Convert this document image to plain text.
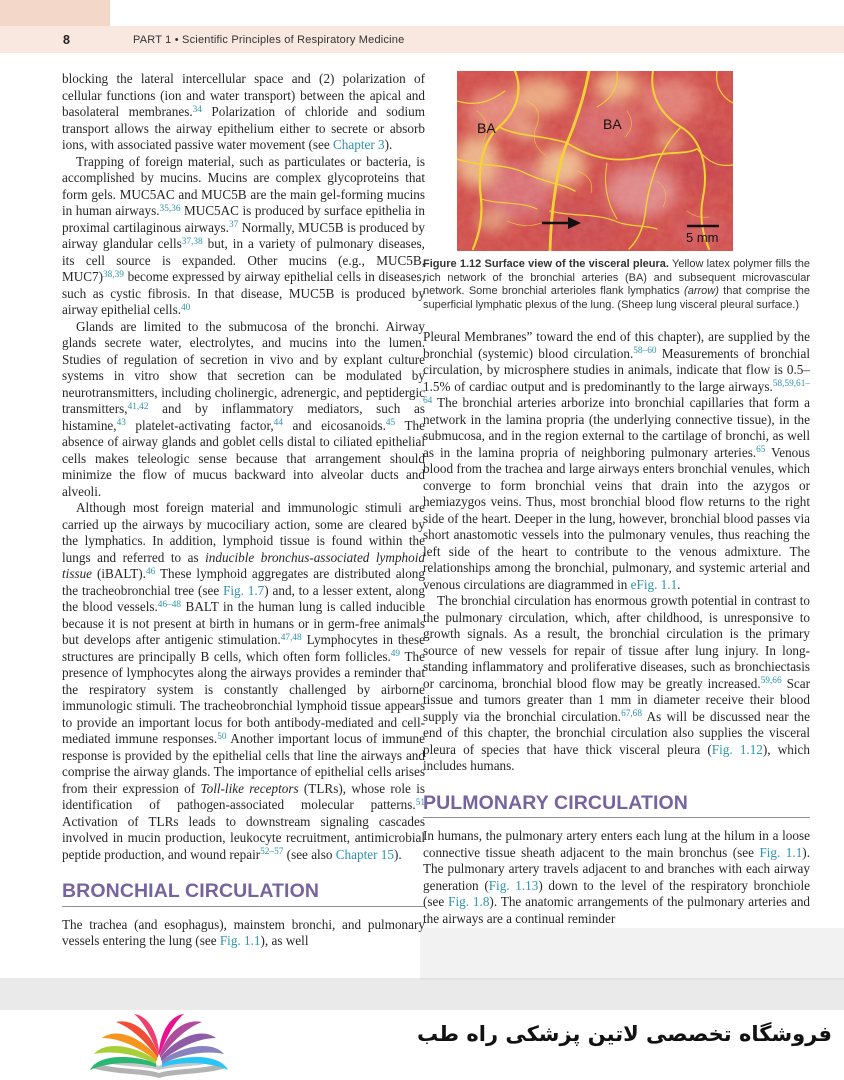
8	PART 1 • Scientific Principles of Respiratory Medicine

blocking the lateral intercellular space and (2) polarization of cellular functions (ion and water transport) between the apical and basolateral membranes.$^{34}$ Polarization of chloride and sodium transport allows the airway epithelium either to secrete or absorb ions, with associated passive water movement (see Chapter 3).

Trapping of foreign material, such as particulates or bacteria, is accomplished by mucins. Mucins are complex glycoproteins that form gels. MUC5AC and MUC5B are the main gel-forming mucins in human airways.$^{35,36}$ MUC5AC is produced by surface epithelia in proximal cartilaginous airways.$^{37}$ Normally, MUC5B is produced by airway glandular cells$^{37,38}$ but, in a variety of pulmonary diseases, its cell source is expanded. Other mucins (e.g., MUC5B, MUC7)$^{38,39}$ become expressed by airway epithelial cells in diseases, such as cystic fibrosis. In that disease, MUC5B is produced by airway epithelial cells.$^{40}$

Glands are limited to the submucosa of the bronchi. Airway glands secrete water, electrolytes, and mucins into the lumen. Studies of regulation of secretion in vivo and by explant culture systems in vitro show that secretion can be modulated by neurotransmitters, including cholinergic, adrenergic, and peptidergic transmitters,$^{41,42}$ and by inflammatory mediators, such as histamine,$^{43}$ platelet-activating factor,$^{44}$ and eicosanoids.$^{45}$ The absence of airway glands and goblet cells distal to ciliated epithelial cells makes teleologic sense because that arrangement should minimize the flow of mucus backward into alveolar ducts and alveoli.

Although most foreign material and immunologic stimuli are carried up the airways by mucociliary action, some are cleared by the lymphatics. In addition, lymphoid tissue is found within the lungs and referred to as inducible bronchus-associated lymphoid tissue (iBALT).$^{46}$ These lymphoid aggregates are distributed along the tracheobronchial tree (see Fig. 1.7) and, to a lesser extent, along the blood vessels.$^{46-48}$ BALT in the human lung is called inducible because it is not present at birth in humans or in germ-free animals but develops after antigenic stimulation.$^{47,48}$ Lymphocytes in these structures are principally B cells, which often form follicles.$^{49}$ The presence of lymphocytes along the airways provides a reminder that the respiratory system is constantly challenged by airborne immunologic stimuli. The tracheobronchial lymphoid tissue appears to provide an important locus for both antibody-mediated and cell-mediated immune responses.$^{50}$ Another important locus of immune response is provided by the epithelial cells that line the airways and comprise the airway glands. The importance of epithelial cells arises from their expression of Toll-like receptors (TLRs), whose role is identification of pathogen-associated molecular patterns.$^{51}$ Activation of TLRs leads to downstream signaling cascades involved in mucin production, leukocyte recruitment, antimicrobial peptide production, and wound repair$^{52-57}$ (see also Chapter 15).

BRONCHIAL CIRCULATION

The trachea (and esophagus), mainstem bronchi, and pulmonary vessels entering the lung (see Fig. 1.1), as well

BA	BA
5 mm

Figure 1.12 Surface view of the visceral pleura. Yellow latex polymer fills the rich network of the bronchial arteries (BA) and subsequent microvascular network. Some bronchial arterioles flank lymphatics (arrow) that comprise the superficial lymphatic plexus of the lung. (Sheep lung visceral pleural surface.)

Pleural Membranes” toward the end of this chapter), are supplied by the bronchial (systemic) blood circulation.$^{58-60}$ Measurements of bronchial circulation, by microsphere studies in animals, indicate that flow is 0.5–1.5% of cardiac output and is predominantly to the large airways.$^{58,59,61-64}$ The bronchial arteries arborize into bronchial capillaries that form a network in the lamina propria (the underlying connective tissue), in the submucosa, and in the region external to the cartilage of bronchi, as well as in the lamina propria of neighboring pulmonary arteries.$^{65}$ Venous blood from the trachea and large airways enters bronchial venules, which converge to form bronchial veins that drain into the azygos or hemiazygos veins. Thus, most bronchial blood flow returns to the right side of the heart. Deeper in the lung, however, bronchial blood passes via short anastomotic vessels into the pulmonary venules, thus reaching the left side of the heart to contribute to the venous admixture. The relationships among the bronchial, pulmonary, and systemic arterial and venous circulations are diagrammed in eFig. 1.1.

The bronchial circulation has enormous growth potential in contrast to the pulmonary circulation, which, after childhood, is unresponsive to growth signals. As a result, the bronchial circulation is the primary source of new vessels for repair of tissue after lung injury. In long-standing inflammatory and proliferative diseases, such as bronchiectasis or carcinoma, bronchial blood flow may be greatly increased.$^{59,66}$ Scar tissue and tumors greater than 1 mm in diameter receive their blood supply via the bronchial circulation.$^{67,68}$ As will be discussed near the end of this chapter, the bronchial circulation also supplies the visceral pleura of species that have thick visceral pleura (Fig. 1.12), which includes humans.

PULMONARY CIRCULATION

In humans, the pulmonary artery enters each lung at the hilum in a loose connective tissue sheath adjacent to the main bronchus (see Fig. 1.1). The pulmonary artery travels adjacent to and branches with each airway generation (Fig. 1.13) down to the level of the respiratory bronchiole (see Fig. 1.8). The anatomic arrangements of the pulmonary arteries and the airways are a continual reminder

فروشگاه تخصصی لاتین پزشکی راه طب
